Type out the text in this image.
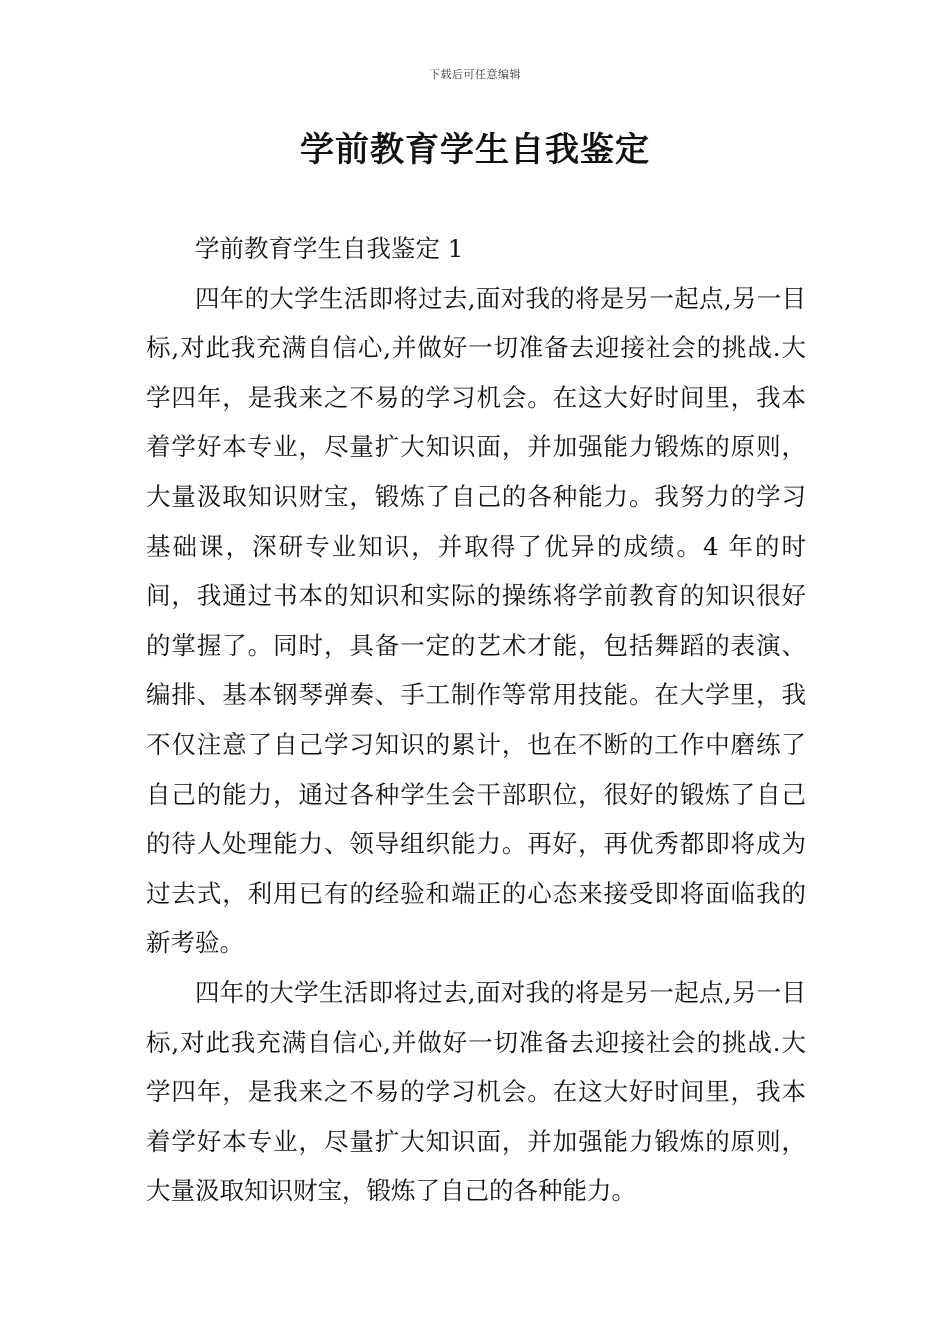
下载后可任意编辑
学前教育学生自我鉴定

学前教育学生自我鉴定 1

四年的大学生活即将过去,面对我的将是另一起点,另一目标,对此我充满自信心,并做好一切准备去迎接社会的挑战.大学四年，是我来之不易的学习机会。在这大好时间里，我本着学好本专业，尽量扩大知识面，并加强能力锻炼的原则，大量汲取知识财宝，锻炼了自己的各种能力。我努力的学习基础课，深研专业知识，并取得了优异的成绩。4 年的时间，我通过书本的知识和实际的操练将学前教育的知识很好的掌握了。同时，具备一定的艺术才能，包括舞蹈的表演、编排、基本钢琴弹奏、手工制作等常用技能。在大学里，我不仅注意了自己学习知识的累计，也在不断的工作中磨练了自己的能力，通过各种学生会干部职位，很好的锻炼了自己的待人处理能力、领导组织能力。再好，再优秀都即将成为过去式，利用已有的经验和端正的心态来接受即将面临我的新考验。

四年的大学生活即将过去,面对我的将是另一起点,另一目标,对此我充满自信心,并做好一切准备去迎接社会的挑战.大学四年，是我来之不易的学习机会。在这大好时间里，我本着学好本专业，尽量扩大知识面，并加强能力锻炼的原则，大量汲取知识财宝，锻炼了自己的各种能力。
